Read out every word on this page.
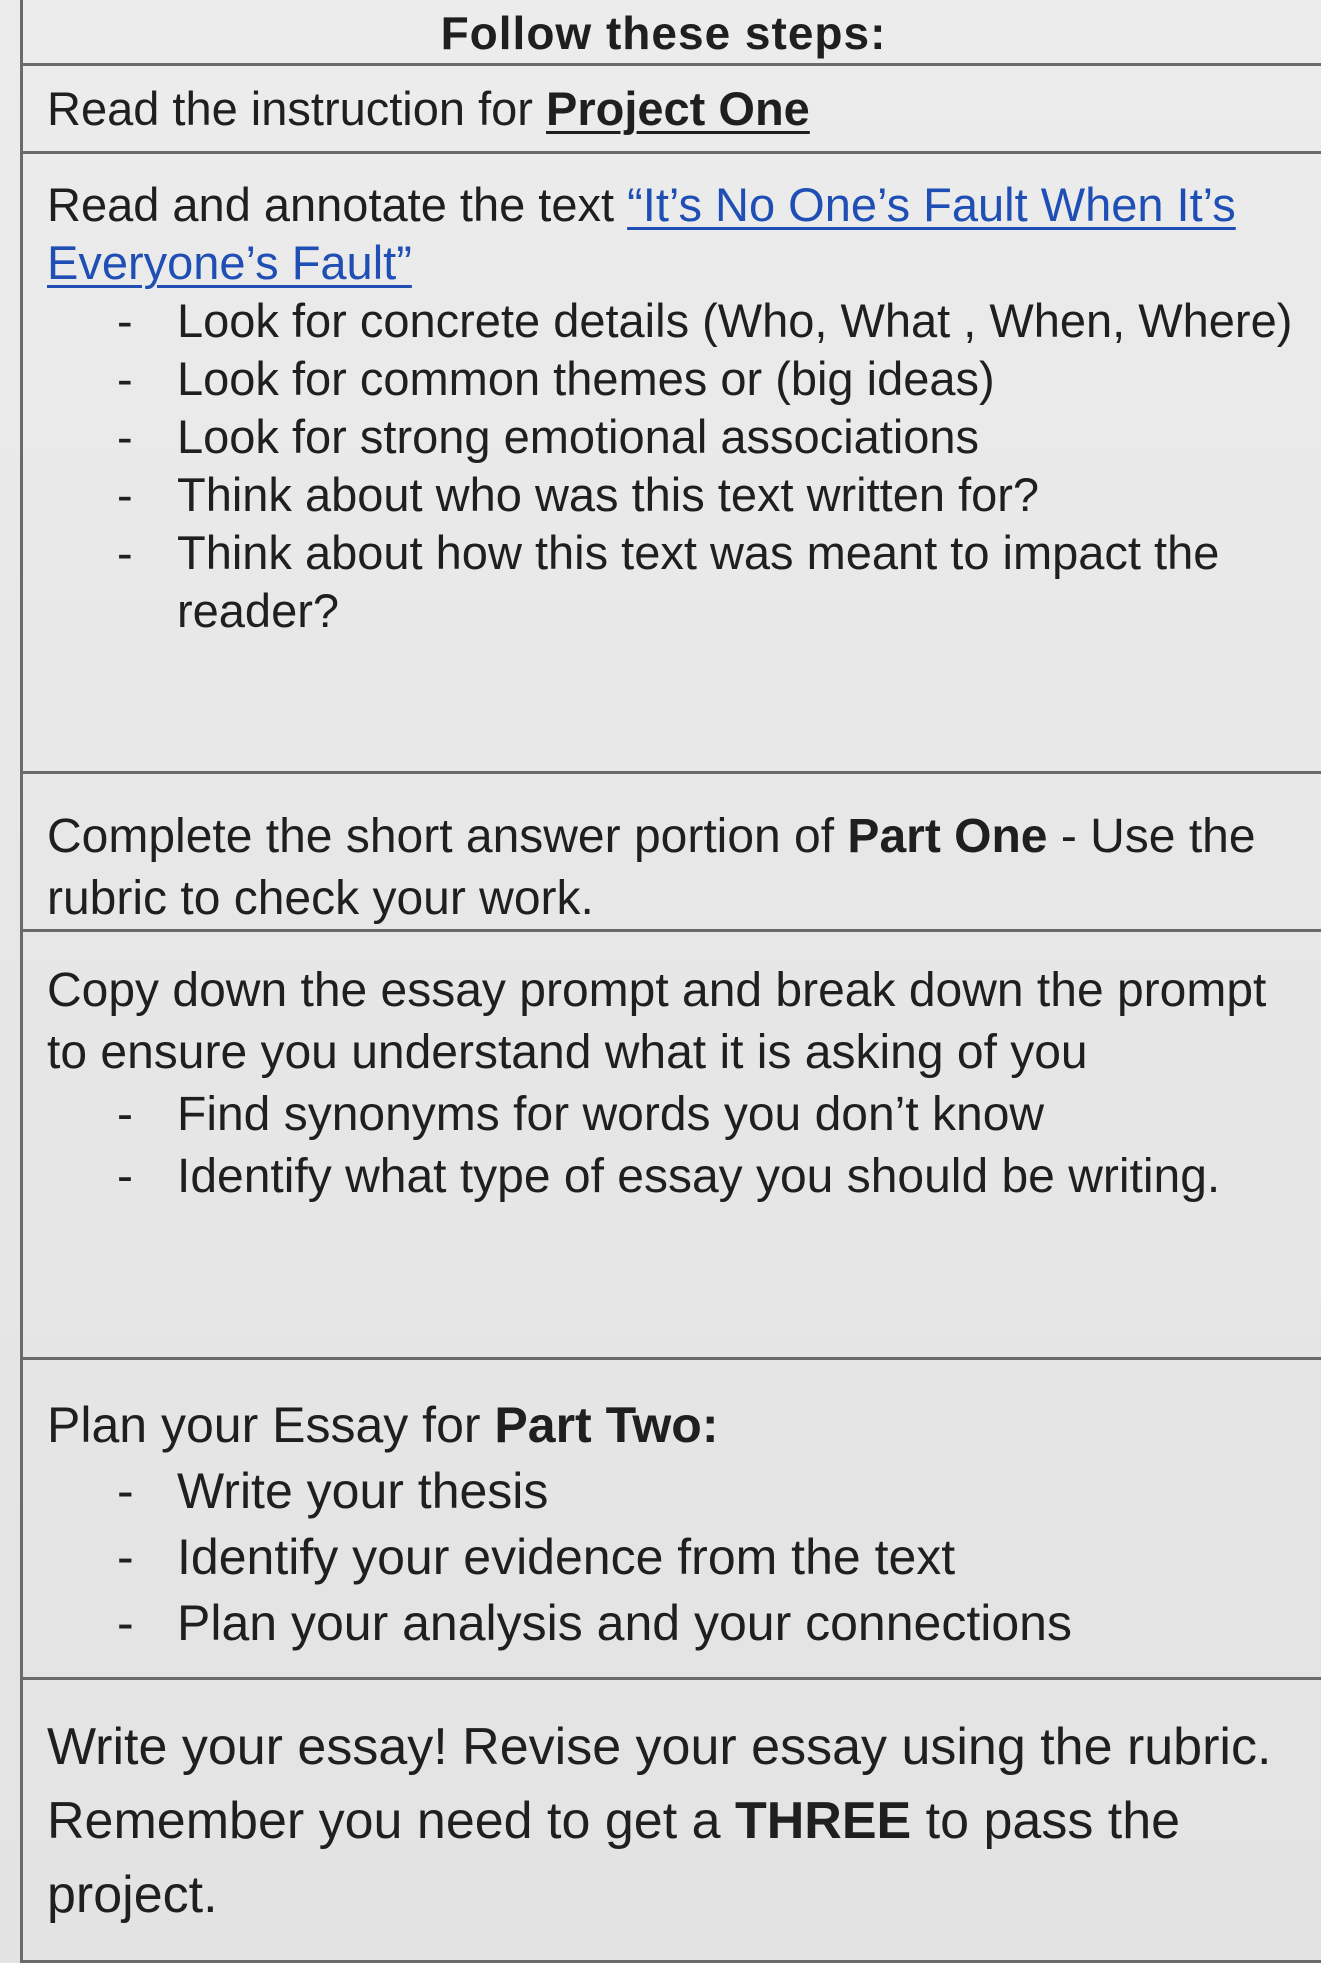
Follow these steps:

Read the instruction for Project One

Read and annotate the text “It’s No One’s Fault When It’s Everyone’s Fault”

- Look for concrete details (Who, What , When, Where)
- Look for common themes or (big ideas)
- Look for strong emotional associations
- Think about who was this text written for?
- Think about how this text was meant to impact the reader?

Complete the short answer portion of Part One - Use the rubric to check your work.

Copy down the essay prompt and break down the prompt to ensure you understand what it is asking of you

- Find synonyms for words you don’t know
- Identify what type of essay you should be writing.

Plan your Essay for Part Two:

- Write your thesis
- Identify your evidence from the text
- Plan your analysis and your connections

Write your essay! Revise your essay using the rubric. Remember you need to get a THREE to pass the project.
